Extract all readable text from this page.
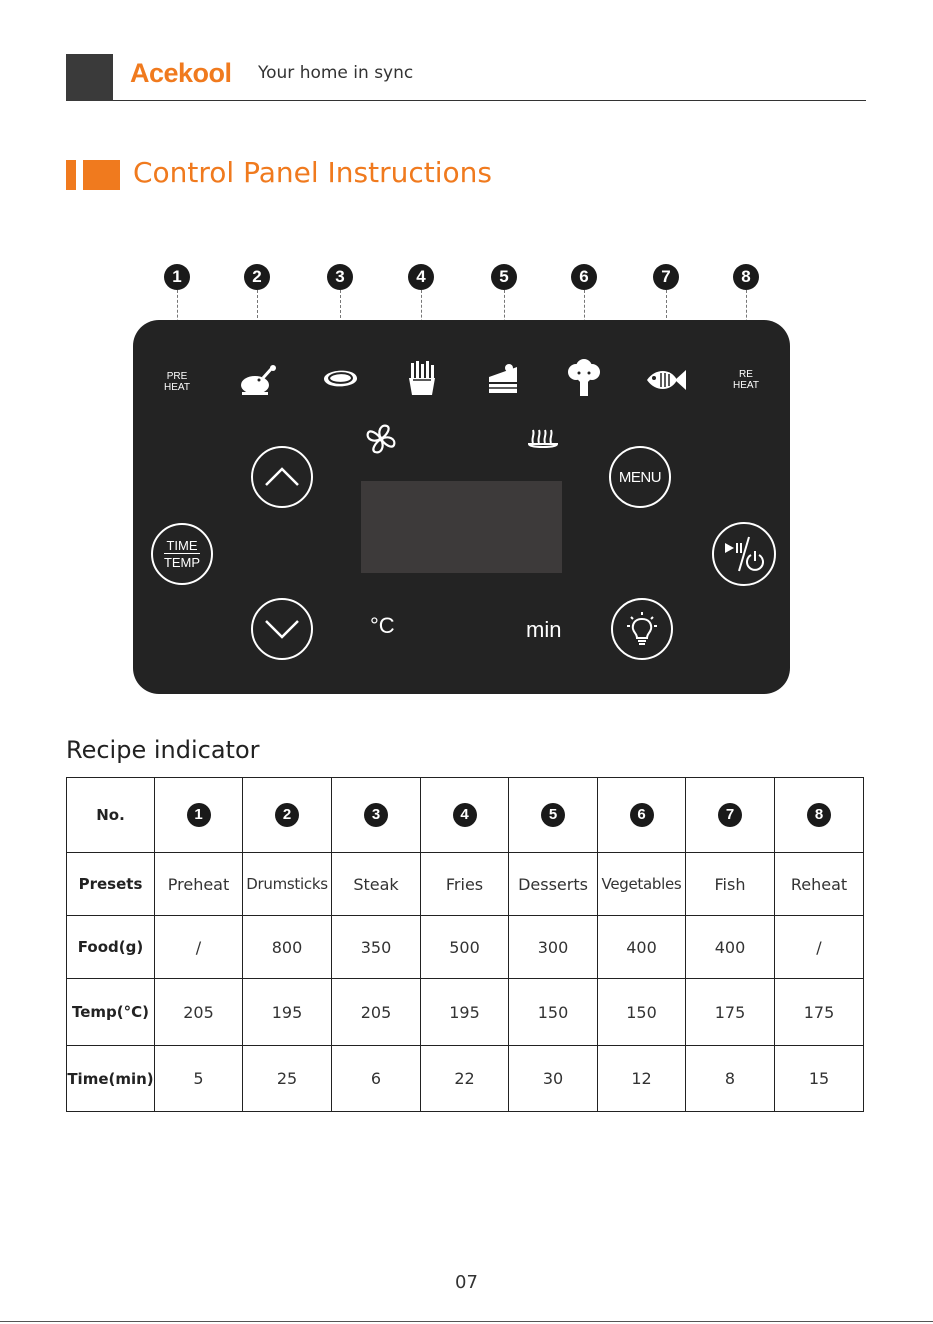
Acekool Your home in sync
Control Panel Instructions
1	2	3	4	5	6	7	8
PRE
HEAT
RE
HEAT
MENU
TIME
TEMP
°C	min
Recipe indicator
No.	1	2	3	4	5	6	7	8
Presets	Preheat	Drumsticks	Steak	Fries	Desserts	Vegetables	Fish	Reheat
Food(g)	/	800	350	500	300	400	400	/
Temp(°C)	205	195	205	195	150	150	175	175
Time(min)	5	25	6	22	30	12	8	15
07
